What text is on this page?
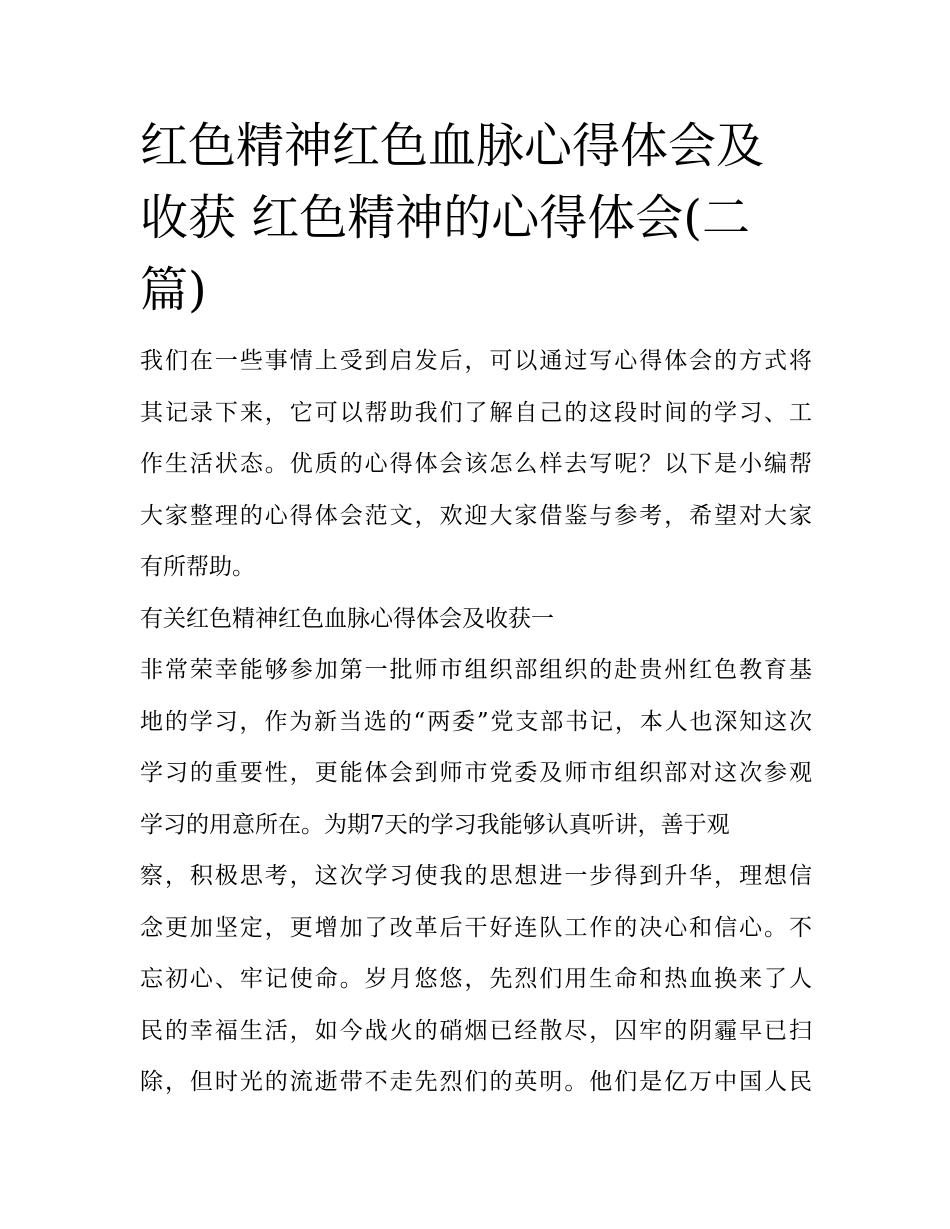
红色精神红色血脉心得体会及
收获 红色精神的心得体会(二
篇)
我们在一些事情上受到启发后，可以通过写心得体会的方式将
其记录下来，它可以帮助我们了解自己的这段时间的学习、工
作生活状态。优质的心得体会该怎么样去写呢？以下是小编帮
大家整理的心得体会范文，欢迎大家借鉴与参考，希望对大家
有所帮助。
有关红色精神红色血脉心得体会及收获一
非常荣幸能够参加第一批师市组织部组织的赴贵州红色教育基
地的学习，作为新当选的“两委”党支部书记，本人也深知这次
学习的重要性，更能体会到师市党委及师市组织部对这次参观
学习的用意所在。为期7天的学习我能够认真听讲，善于观
察，积极思考，这次学习使我的思想进一步得到升华，理想信
念更加坚定，更增加了改革后干好连队工作的决心和信心。不
忘初心、牢记使命。岁月悠悠，先烈们用生命和热血换来了人
民的幸福生活，如今战火的硝烟已经散尽，囚牢的阴霾早已扫
除，但时光的流逝带不走先烈们的英明。他们是亿万中国人民
